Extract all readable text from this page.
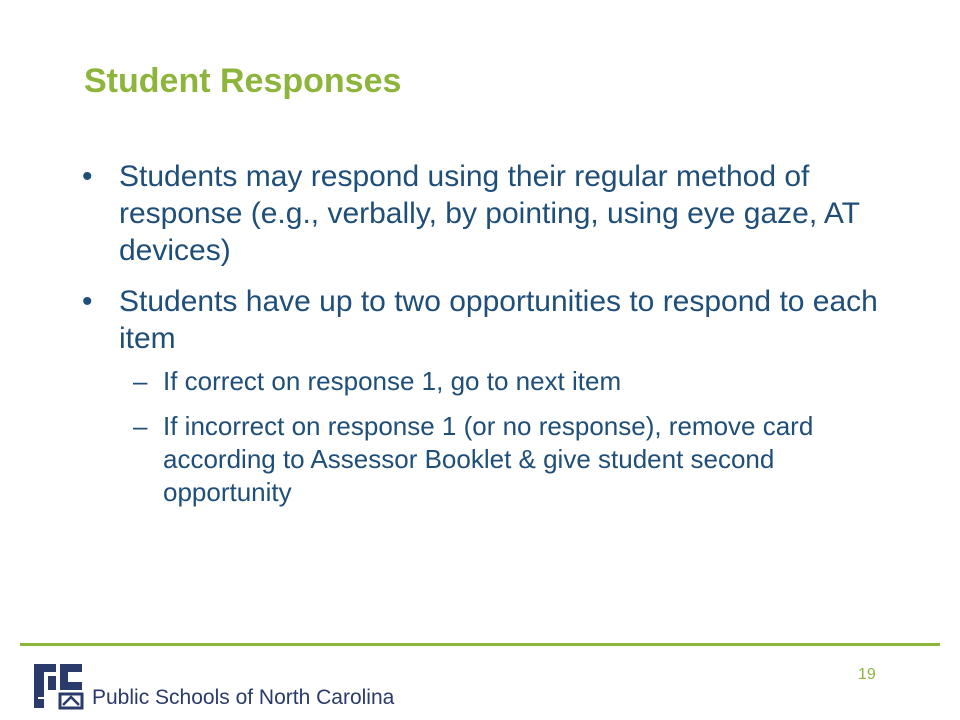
Student Responses
• Students may respond using their regular method of response (e.g., verbally, by pointing, using eye gaze, AT devices)
• Students have up to two opportunities to respond to each item
– If correct on response 1, go to next item
– If incorrect on response 1 (or no response), remove card according to Assessor Booklet & give student second opportunity
Public Schools of North Carolina
19
